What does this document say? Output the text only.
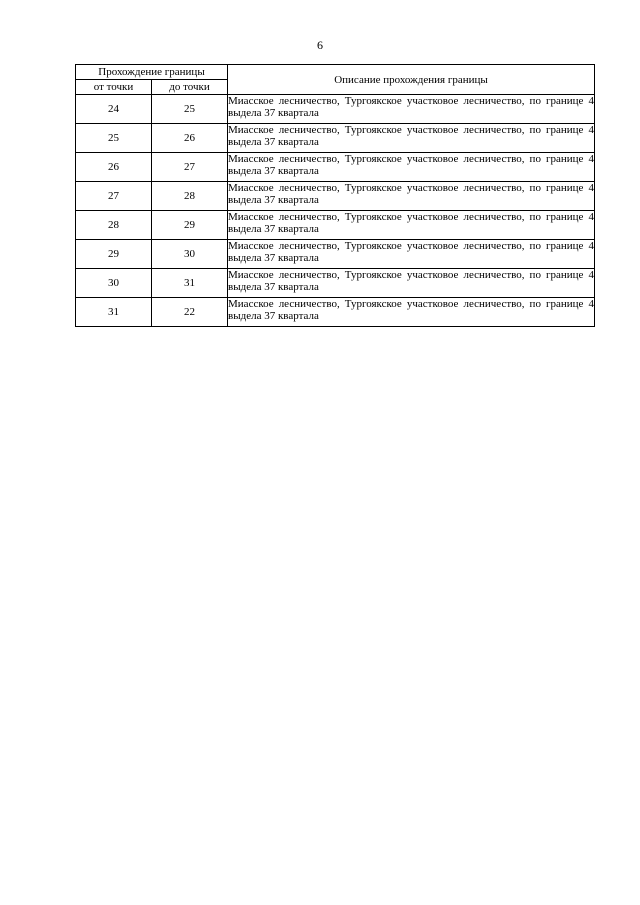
6
Прохождение границы		Описание прохождения границы
от точки	до точки	
24	25	Миасское лесничество, Тургоякское участковое лесничество, по границе 4 выдела 37 квартала
25	26	Миасское лесничество, Тургоякское участковое лесничество, по границе 4 выдела 37 квартала
26	27	Миасское лесничество, Тургоякское участковое лесничество, по границе 4 выдела 37 квартала
27	28	Миасское лесничество, Тургоякское участковое лесничество, по границе 4 выдела 37 квартала
28	29	Миасское лесничество, Тургоякское участковое лесничество, по границе 4 выдела 37 квартала
29	30	Миасское лесничество, Тургоякское участковое лесничество, по границе 4 выдела 37 квартала
30	31	Миасское лесничество, Тургоякское участковое лесничество, по границе 4 выдела 37 квартала
31	22	Миасское лесничество, Тургоякское участковое лесничество, по границе 4 выдела 37 квартала
